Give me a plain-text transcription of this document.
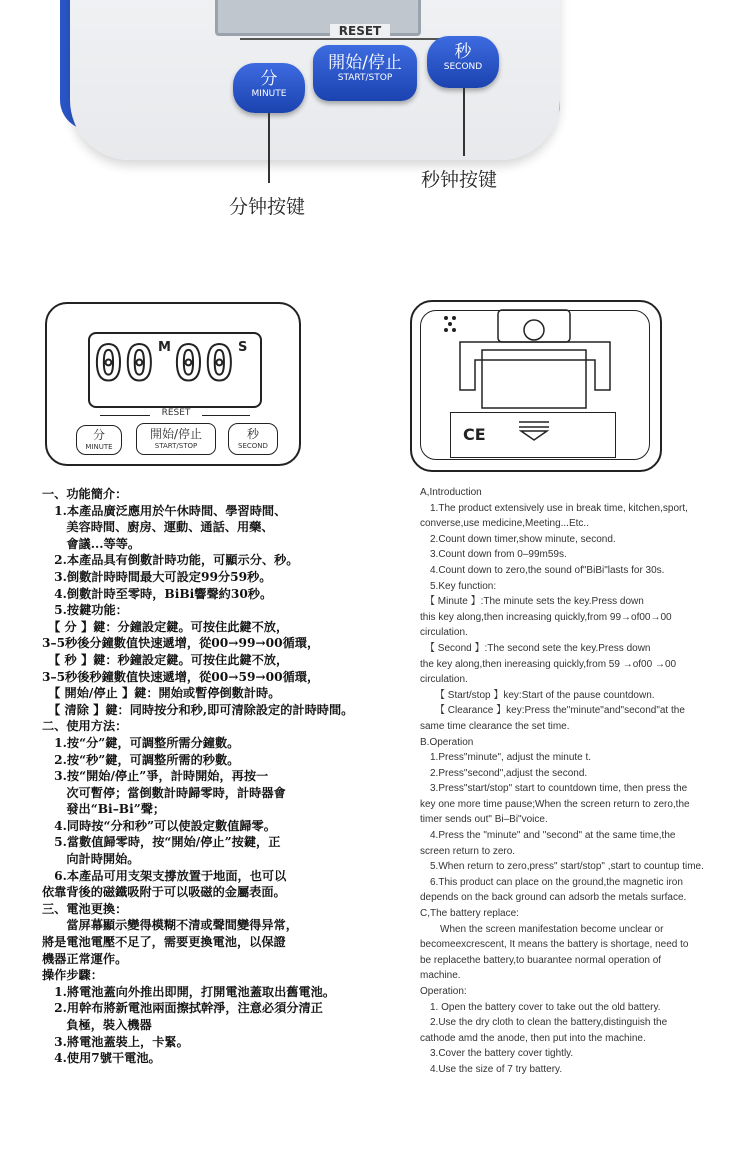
RESET
分
MINUTE
開始/停止
START/STOP
秒
SECOND
秒钟按键
分钟按键
00 M 00 S
RESET
分
MINUTE
開始/停止
START/STOP
秒
SECOND
CE
一、功能簡介：
　1.本產品廣泛應用於午休時間、學習時間、
　　美容時間、廚房、運動、通話、用藥、
　　會議...等等。
　2.本產品具有倒數計時功能，可顯示分、秒。
　3.倒數計時時間最大可設定99分59秒。
　4.倒數計時至零時，BiBi響聲約30秒。
　5.按鍵功能：
　【 分 】鍵：分鐘設定鍵。可按住此鍵不放，
3–5秒後分鐘數值快速遞增，從00→99→00循環，
　【 秒 】鍵：秒鐘設定鍵。可按住此鍵不放，
3–5秒後秒鐘數值快速遞增，從00→59→00循環，
　【 開始/停止 】鍵：開始或暫停倒數計時。
　【 清除 】鍵：同時按分和秒,即可清除設定的計時時間。
二、使用方法：
　1.按“分”鍵，可調整所需分鐘數。
　2.按“秒”鍵，可調整所需的秒數。
　3.按“開始/停止”爭，計時開始，再按一
　　次可暫停；當倒數計時歸零時，計時器會
　　發出“Bi–Bi”聲；
　4.同時按“分和秒”可以使設定數值歸零。
　5.當數值歸零時，按“開始/停止”按鍵，正
　　向計時開始。
　6.本產品可用支架支撐放置于地面，也可以
依靠背後的磁鐵吸附于可以吸磁的金屬表面。
三、電池更換：
　　當屏幕顯示變得模糊不清或聲間變得异常，
將是電池電壓不足了，需要更換電池，以保證
機器正常運作。
操作步驟：
　1.將電池蓋向外推出即開，打開電池蓋取出舊電池。
　2.用幹布將新電池兩面擦拭幹淨，注意必須分清正
　　負極，裝入機器
　3.將電池蓋裝上，卡緊。
　4.使用7號干電池。
A,Introduction
　1.The product extensively use in break time, kitchen,sport,
converse,use medicine,Meeting...Etc..
　2.Count down timer,show minute, second.
　3.Count down from 0–99m59s.
　4.Count down to zero,the sound of"BiBi"lasts for 30s.
　5.Key function:
　【 Minute 】:The minute sets the key.Press down
this key along,then increasing quickly,from 99→of00→00
circulation.
　【 Second 】:The second sete the key.Press down
the key along,then inereasing quickly,from 59 →of00 →00
circulation.
　　【 Start/stop 】key:Start of the pause countdown.
　　【 Clearance 】key:Press the"minute"and"second"at the
same time clearance the set time.
B.Operation
　1.Press"minute", adjust the minute t.
　2.Press"second",adjust the second.
　3.Press"start/stop" start to countdown time, then press the
key one more time pause;When the screen return to zero,the
timer sends out" Bi–Bi"voice.
　4.Press the "minute" and "second" at the same time,the
screen return to zero.
　5.When return to zero,press" start/stop" ,start to countup time.
　6.This product can place on the ground,the magnetic iron
depends on the back ground can adsorb the metals surface.
C,The battery replace:
　　When the screen manifestation become unclear or
becomeexcrescent, It means the battery is shortage, need to
be replacethe battery,to buarantee normal operation of
machine.
Operation:
　1. Open the battery cover to take out the old battery.
　2.Use the dry cloth to clean the battery,distinguish the
cathode amd the anode, then put into the machine.
　3.Cover the battery cover tightly.
　4.Use the size of 7 try battery.
